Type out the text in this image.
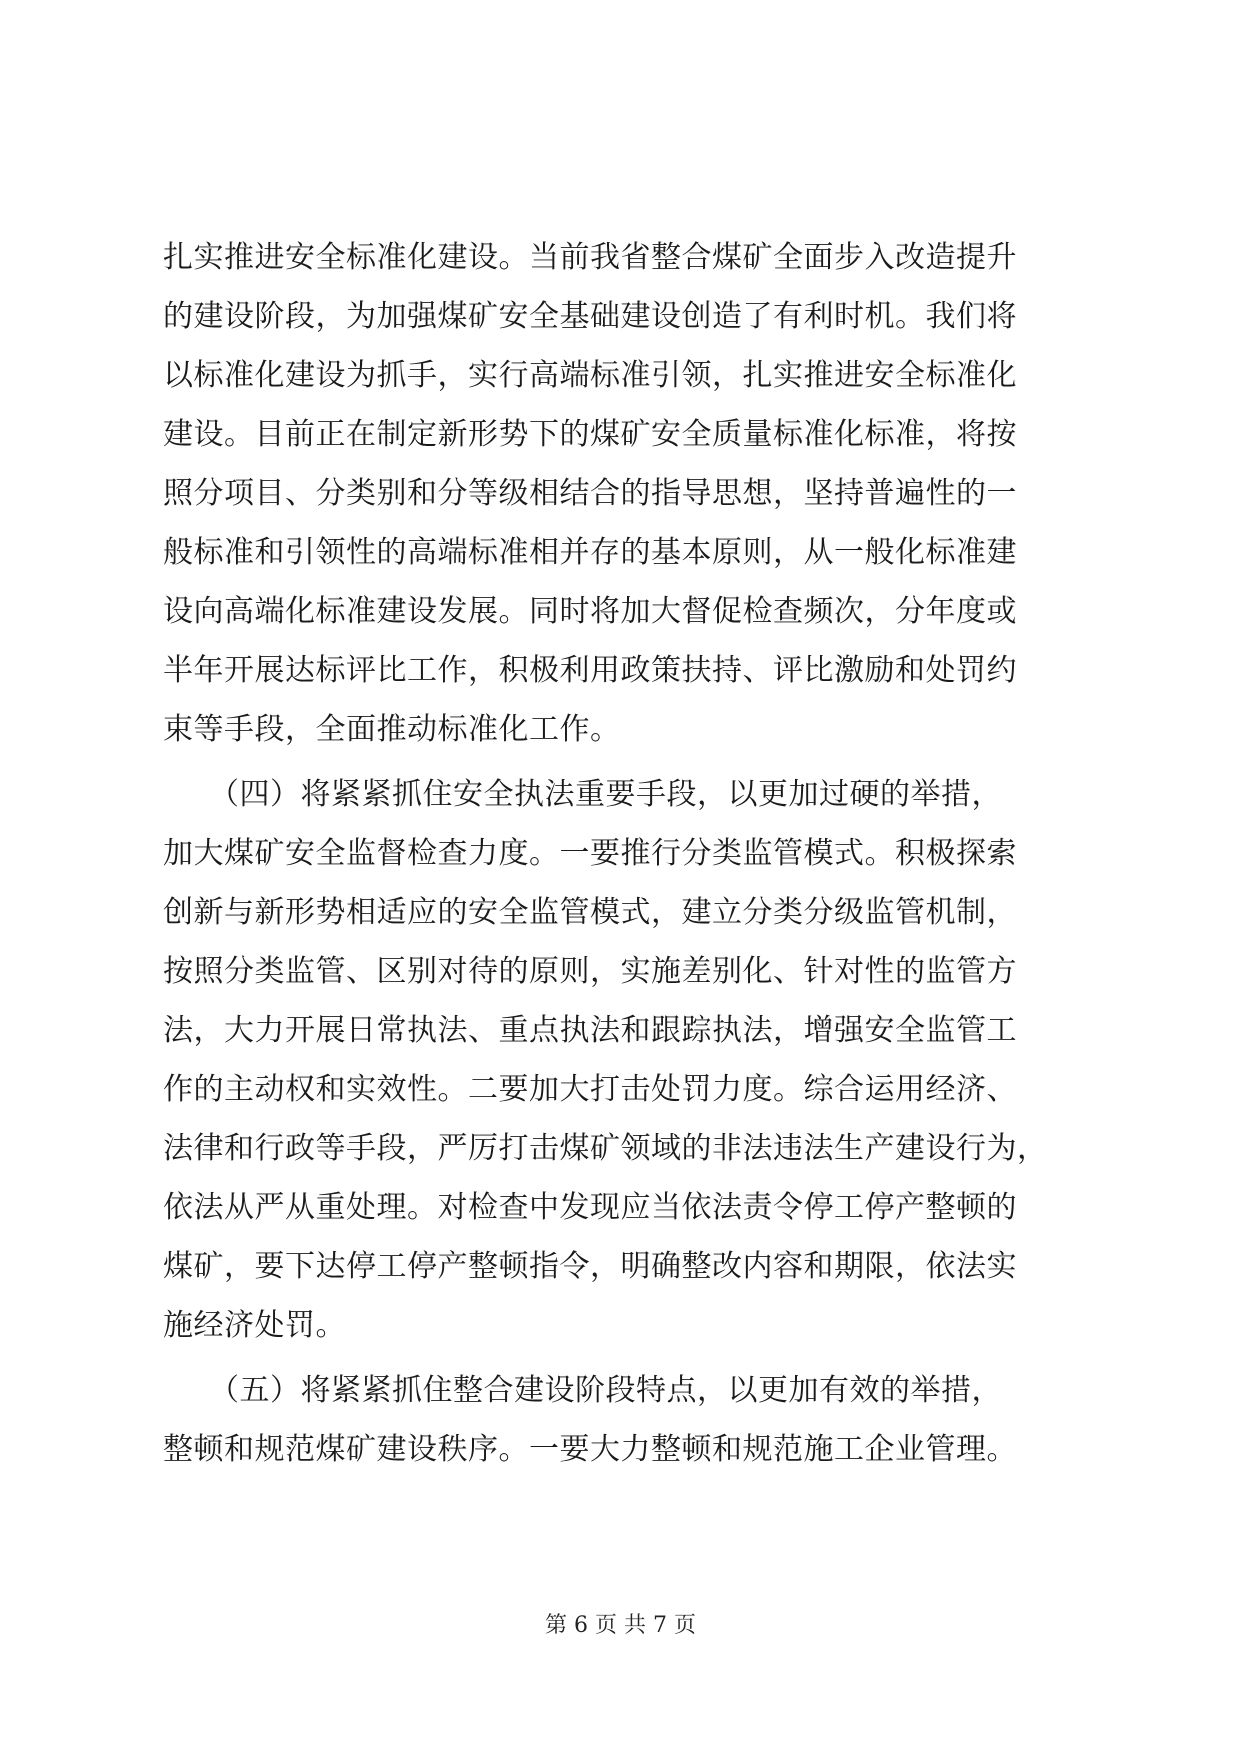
扎实推进安全标准化建设。当前我省整合煤矿全面步入改造提升
的建设阶段，为加强煤矿安全基础建设创造了有利时机。我们将
以标准化建设为抓手，实行高端标准引领，扎实推进安全标准化
建设。目前正在制定新形势下的煤矿安全质量标准化标准，将按
照分项目、分类别和分等级相结合的指导思想，坚持普遍性的一
般标准和引领性的高端标准相并存的基本原则，从一般化标准建
设向高端化标准建设发展。同时将加大督促检查频次，分年度或
半年开展达标评比工作，积极利用政策扶持、评比激励和处罚约
束等手段，全面推动标准化工作。
　　（四）将紧紧抓住安全执法重要手段，以更加过硬的举措，
加大煤矿安全监督检查力度。一要推行分类监管模式。积极探索
创新与新形势相适应的安全监管模式，建立分类分级监管机制，
按照分类监管、区别对待的原则，实施差别化、针对性的监管方
法，大力开展日常执法、重点执法和跟踪执法，增强安全监管工
作的主动权和实效性。二要加大打击处罚力度。综合运用经济、
法律和行政等手段，严厉打击煤矿领域的非法违法生产建设行为，
依法从严从重处理。对检查中发现应当依法责令停工停产整顿的
煤矿，要下达停工停产整顿指令，明确整改内容和期限，依法实
施经济处罚。
　　（五）将紧紧抓住整合建设阶段特点，以更加有效的举措，
整顿和规范煤矿建设秩序。一要大力整顿和规范施工企业管理。
第 6 页 共 7 页
